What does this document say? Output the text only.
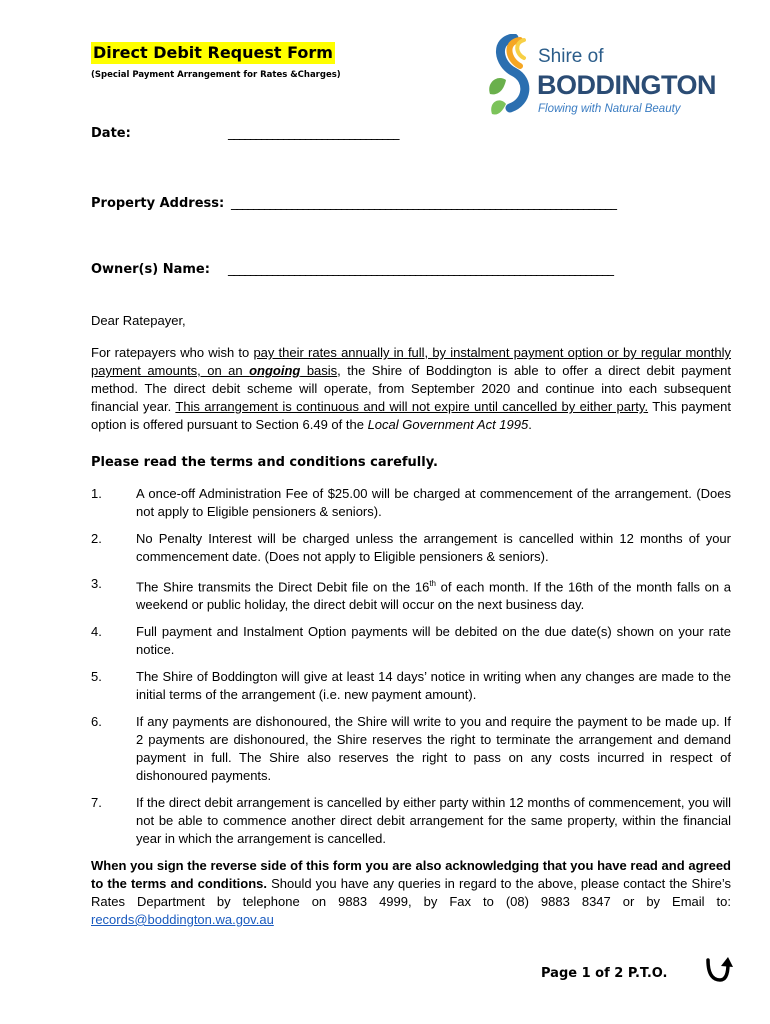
Direct Debit Request Form
(Special Payment Arrangement for Rates &Charges)
Shire of
BODDINGTON
Flowing with Natural Beauty
Date:	_______________________________
Property Address: ______________________________________________________________________
Owner(s) Name: ______________________________________________________________________
Dear Ratepayer,
For ratepayers who wish to pay their rates annually in full, by instalment payment option or by regular monthly payment amounts, on an ongoing basis, the Shire of Boddington is able to offer a direct debit payment method. The direct debit scheme will operate, from September 2020 and continue into each subsequent financial year. This arrangement is continuous and will not expire until cancelled by either party. This payment option is offered pursuant to Section 6.49 of the Local Government Act 1995.
Please read the terms and conditions carefully.
1.	A once-off Administration Fee of $25.00 will be charged at commencement of the arrangement. (Does not apply to Eligible pensioners & seniors).
2.	No Penalty Interest will be charged unless the arrangement is cancelled within 12 months of your commencement date. (Does not apply to Eligible pensioners & seniors).
3.	The Shire transmits the Direct Debit file on the 16th of each month. If the 16th of the month falls on a weekend or public holiday, the direct debit will occur on the next business day.
4.	Full payment and Instalment Option payments will be debited on the due date(s) shown on your rate notice.
5.	The Shire of Boddington will give at least 14 days’ notice in writing when any changes are made to the initial terms of the arrangement (i.e. new payment amount).
6.	If any payments are dishonoured, the Shire will write to you and require the payment to be made up. If 2 payments are dishonoured, the Shire reserves the right to terminate the arrangement and demand payment in full. The Shire also reserves the right to pass on any costs incurred in respect of dishonoured payments.
7.	If the direct debit arrangement is cancelled by either party within 12 months of commencement, you will not be able to commence another direct debit arrangement for the same property, within the financial year in which the arrangement is cancelled.
When you sign the reverse side of this form you are also acknowledging that you have read and agreed to the terms and conditions. Should you have any queries in regard to the above, please contact the Shire’s Rates Department by telephone on 9883 4999, by Fax to (08) 9883 8347 or by Email to: records@boddington.wa.gov.au
Page 1 of 2 P.T.O.
